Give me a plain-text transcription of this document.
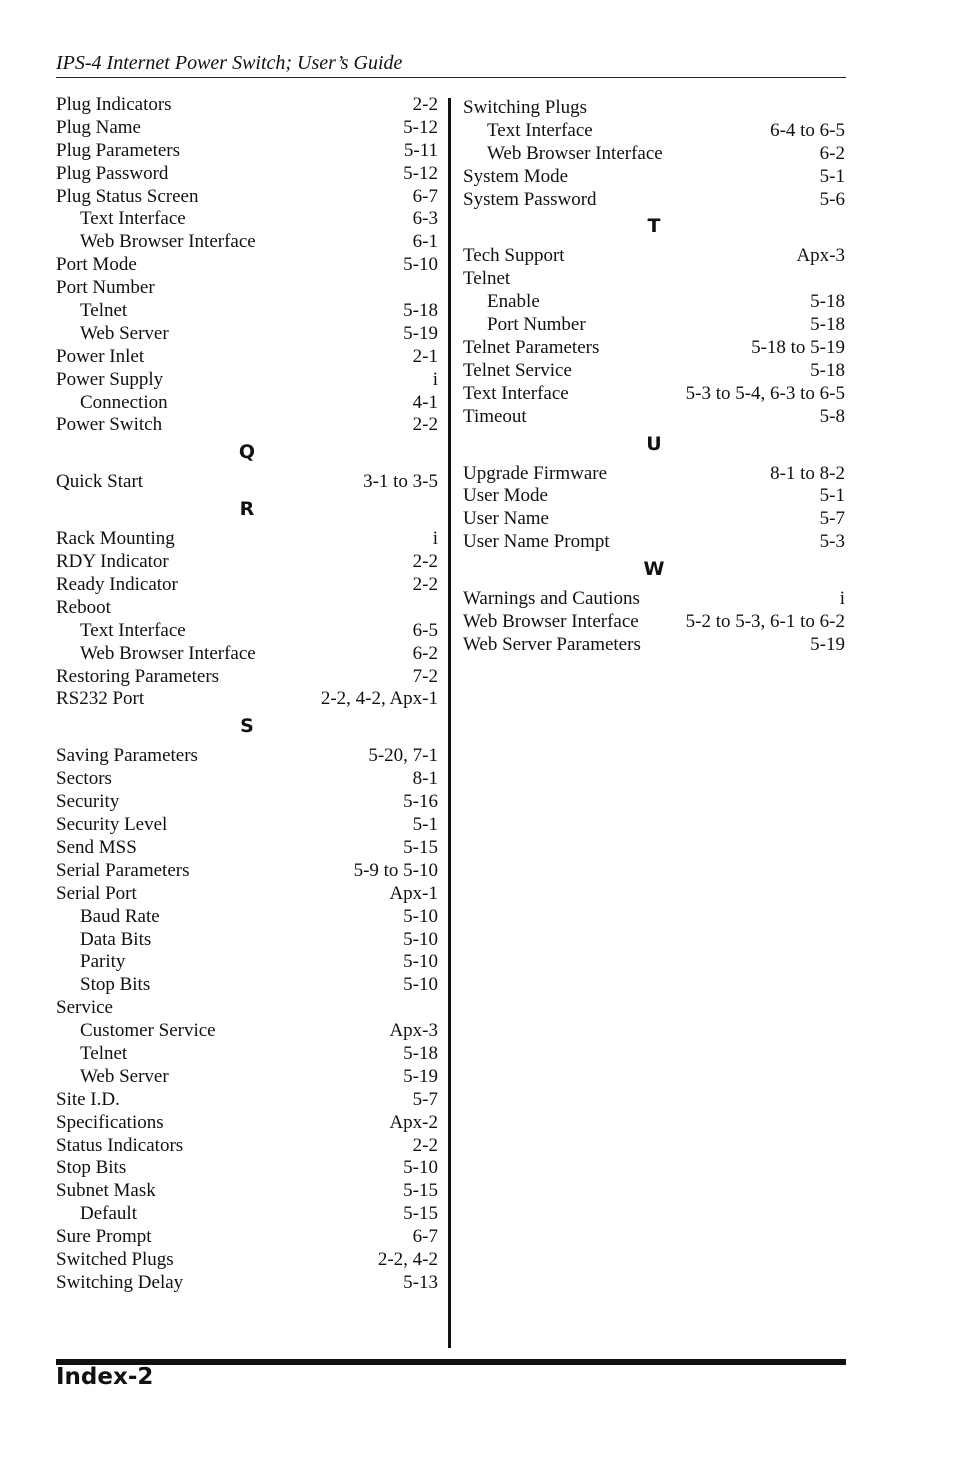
IPS-4 Internet Power Switch; User’s Guide
Plug Indicators	2-2
Plug Name	5-12
Plug Parameters	5-11
Plug Password	5-12
Plug Status Screen	6-7
Text Interface	6-3
Web Browser Interface	6-1
Port Mode	5-10
Port Number
Telnet	5-18
Web Server	5-19
Power Inlet	2-1
Power Supply	i
Connection	4-1
Power Switch	2-2
Q
Quick Start	3-1 to 3-5
R
Rack Mounting	i
RDY Indicator	2-2
Ready Indicator	2-2
Reboot
Text Interface	6-5
Web Browser Interface	6-2
Restoring Parameters	7-2
RS232 Port	2-2, 4-2, Apx-1
S
Saving Parameters	5-20, 7-1
Sectors	8-1
Security	5-16
Security Level	5-1
Send MSS	5-15
Serial Parameters	5-9 to 5-10
Serial Port	Apx-1
Baud Rate	5-10
Data Bits	5-10
Parity	5-10
Stop Bits	5-10
Service
Customer Service	Apx-3
Telnet	5-18
Web Server	5-19
Site I.D.	5-7
Specifications	Apx-2
Status Indicators	2-2
Stop Bits	5-10
Subnet Mask	5-15
Default	5-15
Sure Prompt	6-7
Switched Plugs	2-2, 4-2
Switching Delay	5-13
Switching Plugs
Text Interface	6-4 to 6-5
Web Browser Interface	6-2
System Mode	5-1
System Password	5-6
T
Tech Support	Apx-3
Telnet
Enable	5-18
Port Number	5-18
Telnet Parameters	5-18 to 5-19
Telnet Service	5-18
Text Interface	5-3 to 5-4, 6-3 to 6-5
Timeout	5-8
U
Upgrade Firmware	8-1 to 8-2
User Mode	5-1
User Name	5-7
User Name Prompt	5-3
W
Warnings and Cautions	i
Web Browser Interface 5-2 to 5-3, 6-1 to 6-2
Web Server Parameters	5-19
Index-2
